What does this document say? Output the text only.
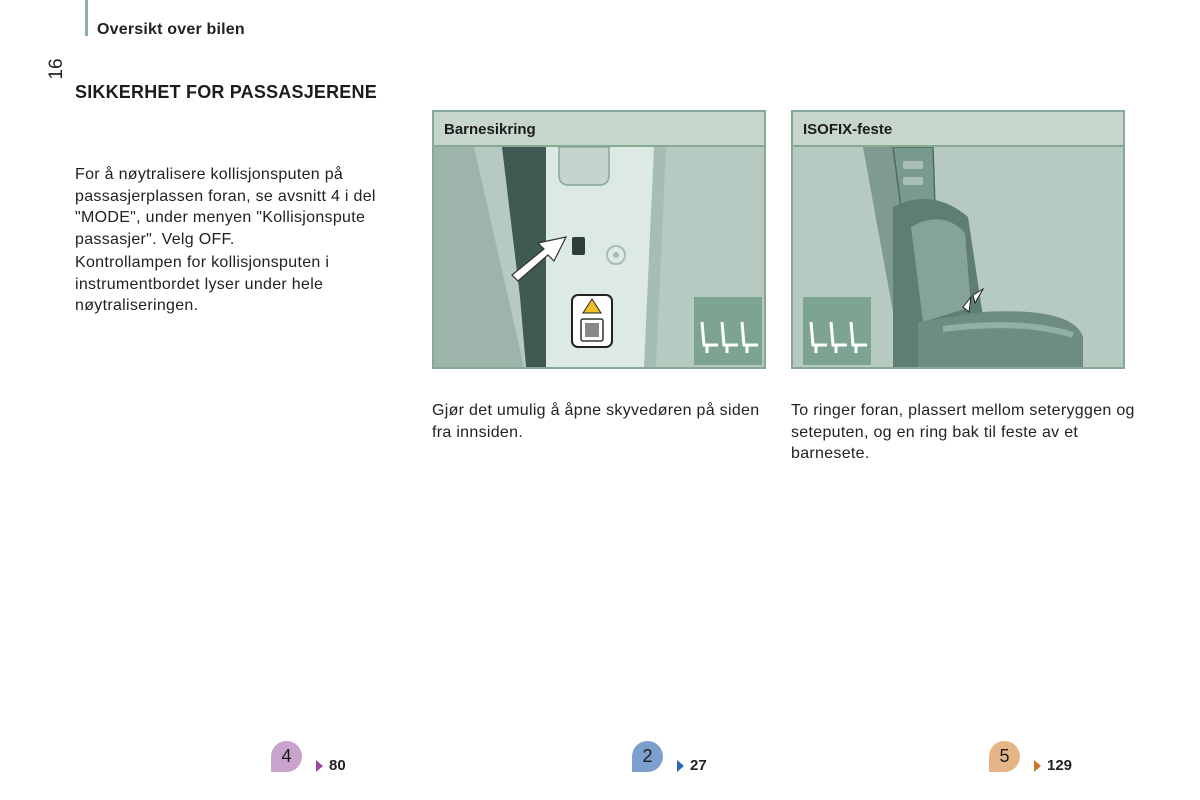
Oversikt over bilen
16
SIKKERHET FOR PASSASJERENE
For å nøytralisere kollisjonsputen på passasjerplassen foran, se avsnitt 4 i del "MODE", under menyen "Kollisjonspute passasjer". Velg OFF.
Kontrollampen for kollisjonsputen i instrumentbordet lyser under hele nøytraliseringen.
Barnesikring	ISOFIX-feste
Gjør det umulig å åpne skyvedøren på siden fra innsiden.
To ringer foran, plassert mellom seteryggen og seteputen, og en ring bak til feste av et barnesete.
4	80	2	27	5	129
